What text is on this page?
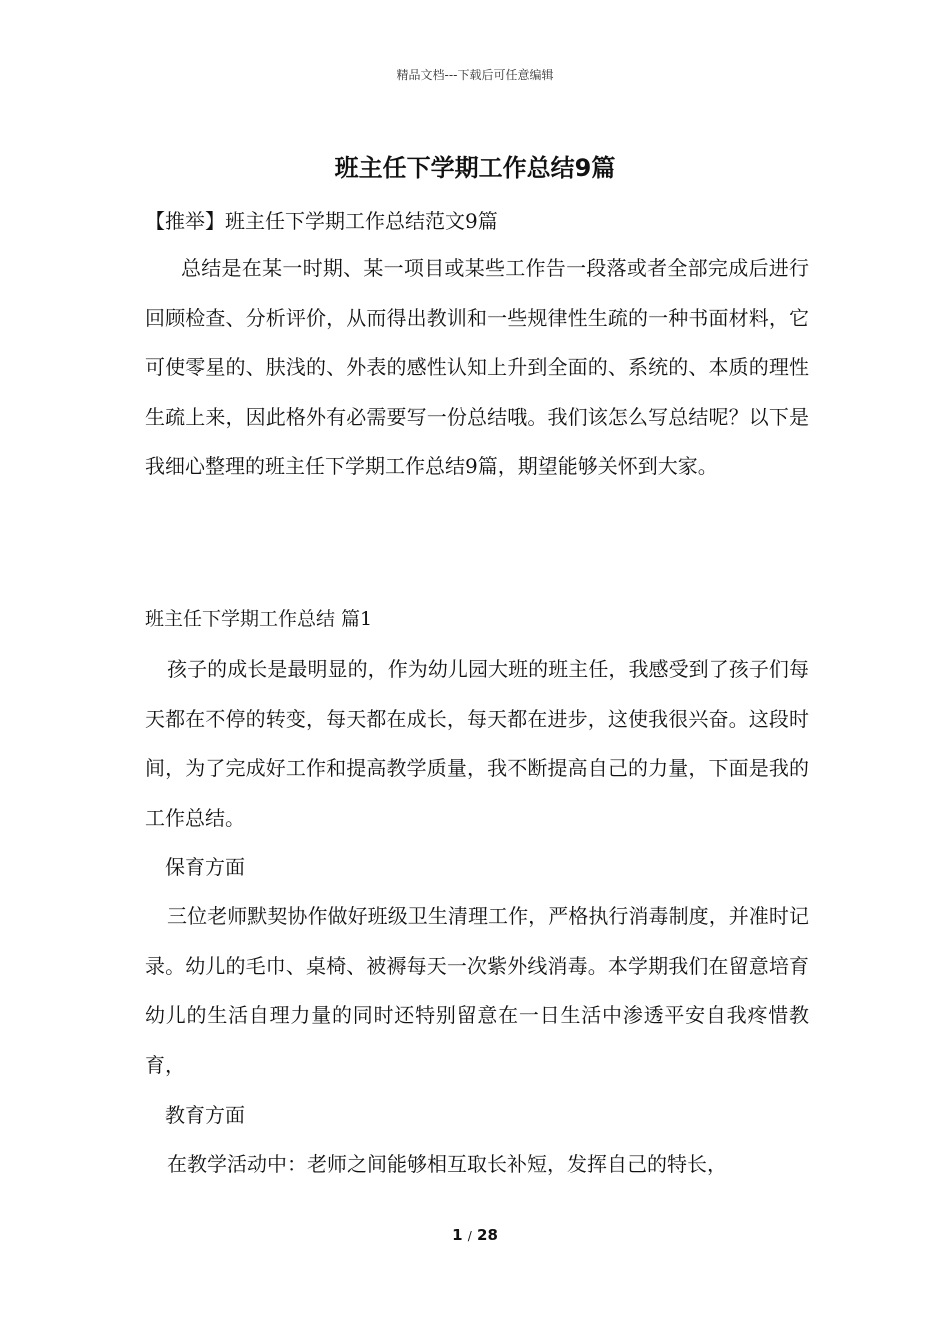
精品文档---下载后可任意编辑
班主任下学期工作总结9篇
【推举】班主任下学期工作总结范文9篇

总结是在某一时期、某一项目或某些工作告一段落或者全部完成后进行回顾检查、分析评价，从而得出教训和一些规律性生疏的一种书面材料，它可使零星的、肤浅的、外表的感性认知上升到全面的、系统的、本质的理性生疏上来，因此格外有必需要写一份总结哦。我们该怎么写总结呢？以下是我细心整理的班主任下学期工作总结9篇，期望能够关怀到大家。

班主任下学期工作总结 篇1

孩子的成长是最明显的，作为幼儿园大班的班主任，我感受到了孩子们每天都在不停的转变，每天都在成长，每天都在进步，这使我很兴奋。这段时间，为了完成好工作和提高教学质量，我不断提高自己的力量，下面是我的工作总结。

保育方面

三位老师默契协作做好班级卫生清理工作，严格执行消毒制度，并准时记录。幼儿的毛巾、桌椅、被褥每天一次紫外线消毒。本学期我们在留意培育幼儿的生活自理力量的同时还特别留意在一日生活中渗透平安自我疼惜教育，

教育方面

在教学活动中：老师之间能够相互取长补短，发挥自己的特长，

1 / 28
